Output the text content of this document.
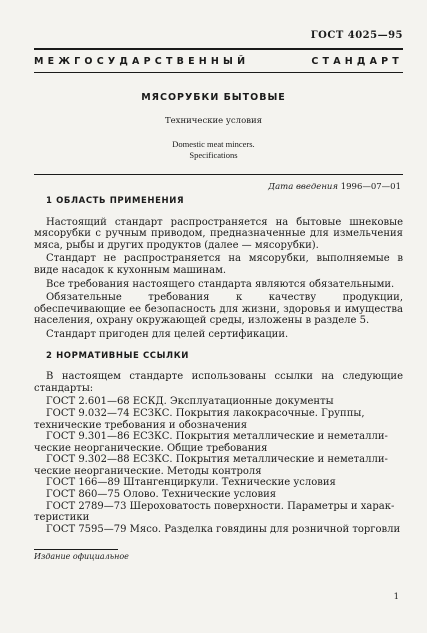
ГОСТ 4025—95
МЕЖГОСУДАРСТВЕННЫЙ	СТАНДАРТ
МЯСОРУБКИ БЫТОВЫЕ
Технические условия
Domestic meat mincers.
Specifications
Дата введения 1996—07—01
1 ОБЛАСТЬ ПРИМЕНЕНИЯ

Настоящий стандарт распространяется на бытовые шнековые мясорубки с ручным приводом, предназначенные для измельчения мяса, рыбы и других продуктов (далее — мясорубки).

Стандарт не распространяется на мясорубки, выполняемые в виде насадок к кухонным машинам.

Все требования настоящего стандарта являются обязательными.

Обязательные требования к качеству продукции, обеспечивающие ее безопасность для жизни, здоровья и имущества населения, охрану окружающей среды, изложены в разделе 5.

Стандарт пригоден для целей сертификации.

2 НОРМАТИВНЫЕ ССЫЛКИ

В настоящем стандарте использованы ссылки на следующие стандарты:

ГОСТ 2.601—68 ЕСКД. Эксплуатационные документы

ГОСТ 9.032—74 ЕСЗКС. Покрытия лакокрасочные. Группы,
технические требования и обозначения

ГОСТ 9.301—86 ЕСЗКС. Покрытия металлические и неметалли-
ческие неорганические. Общие требования

ГОСТ 9.302—88 ЕСЗКС. Покрытия металлические и неметалли-
ческие неорганические. Методы контроля

ГОСТ 166—89 Штангенциркули. Технические условия

ГОСТ 860—75 Олово. Технические условия

ГОСТ 2789—73 Шероховатость поверхности. Параметры и харак-
теристики

ГОСТ 7595—79 Мясо. Разделка говядины для розничной торговли

Издание официальное
1
